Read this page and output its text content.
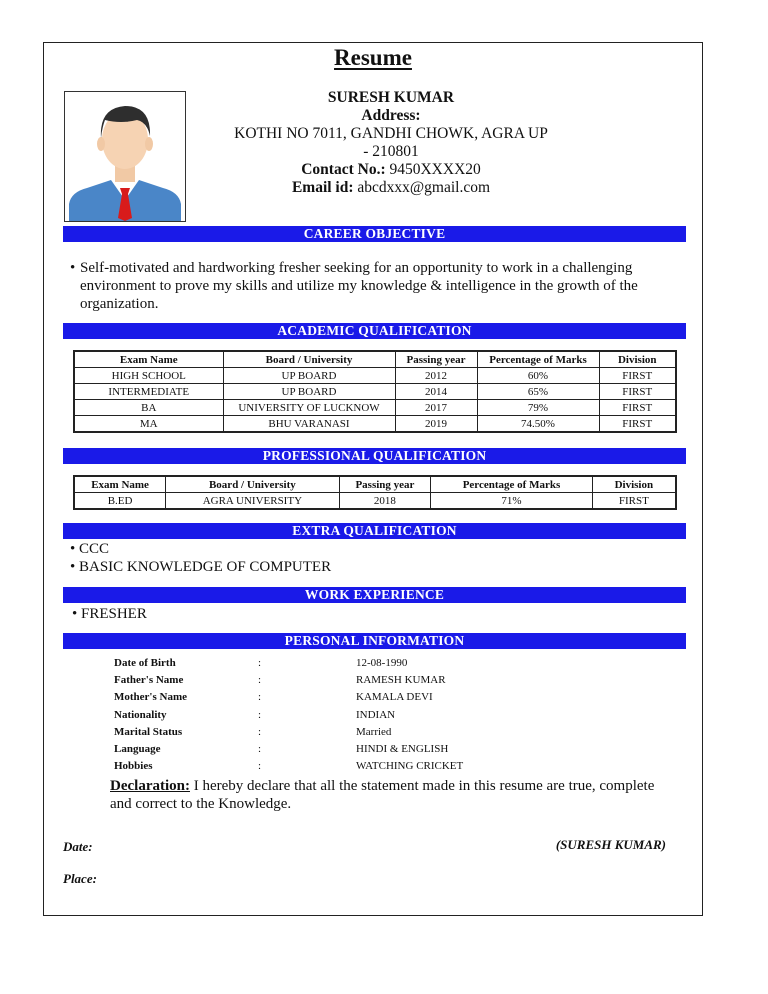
Resume
SURESH KUMAR
Address:
KOTHI NO 7011, GANDHI CHOWK, AGRA UP
- 210801
Contact No.: 9450XXXX20
Email id: abcdxxx@gmail.com
CAREER OBJECTIVE
• Self-motivated and hardworking fresher seeking for an opportunity to work in a challenging
environment to prove my skills and utilize my knowledge & intelligence in the growth of the
organization.
ACADEMIC QUALIFICATION
Exam Name	Board / University	Passing year	Percentage of Marks	Division
HIGH SCHOOL	UP BOARD	2012	60%	FIRST
INTERMEDIATE	UP BOARD	2014	65%	FIRST
BA	UNIVERSITY OF LUCKNOW	2017	79%	FIRST
MA	BHU VARANASI	2019	74.50%	FIRST
PROFESSIONAL QUALIFICATION
Exam Name	Board / University	Passing year	Percentage of Marks	Division
B.ED	AGRA UNIVERSITY	2018	71%	FIRST
EXTRA QUALIFICATION
• CCC
• BASIC KNOWLEDGE OF COMPUTER
WORK EXPERIENCE
• FRESHER
PERSONAL INFORMATION
Date of Birth	:	12-08-1990
Father's Name	:	RAMESH KUMAR
Mother's Name	:	KAMALA DEVI
Nationality	:	INDIAN
Marital Status	:	Married
Language	:	HINDI & ENGLISH
Hobbies	:	WATCHING CRICKET
Declaration: I hereby declare that all the statement made in this resume are true, complete
and correct to the Knowledge.
Date:
Place:
(SURESH KUMAR)
